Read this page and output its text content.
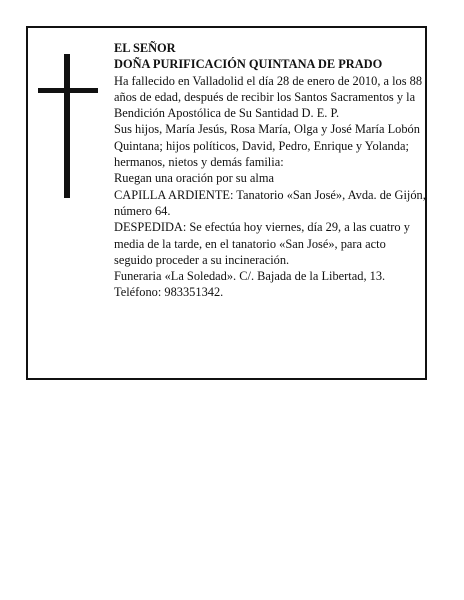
EL SEÑOR

DOÑA PURIFICACIÓN QUINTANA DE PRADO

Ha fallecido en Valladolid el día 28 de enero de 2010, a los 88 años de edad, después de recibir los Santos Sacramentos y la Bendición Apostólica de Su Santidad D. E. P.

Sus hijos, María Jesús, Rosa María, Olga y José María Lobón Quintana; hijos políticos, David, Pedro, Enrique y Yolanda; hermanos, nietos y demás familia:

Ruegan una oración por su alma

CAPILLA ARDIENTE: Tanatorio «San José», Avda. de Gijón, número 64.

DESPEDIDA: Se efectúa hoy viernes, día 29, a las cuatro y media de la tarde, en el tanatorio «San José», para acto seguido proceder a su incineración.

Funeraria «La Soledad». C/. Bajada de la Libertad, 13. Teléfono: 983351342.
